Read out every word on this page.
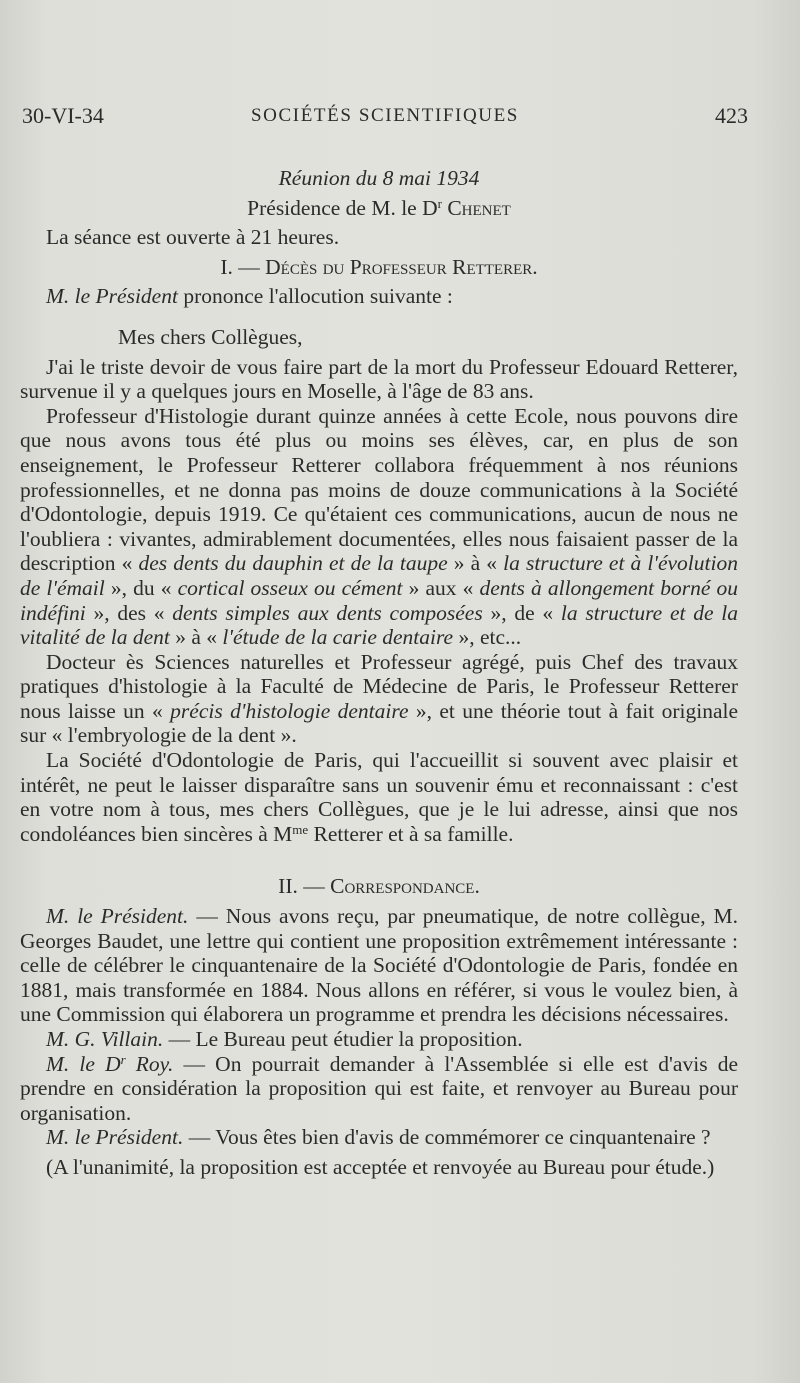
30-VI-34	SOCIÉTÉS SCIENTIFIQUES	423

Réunion du 8 mai 1934

Présidence de M. le $D^r$ Chenet

La séance est ouverte à 21 heures.

I. — Décès du Professeur Retterer.

M. le Président prononce l'allocution suivante :

Mes chers Collègues,

J'ai le triste devoir de vous faire part de la mort du Professeur Edouard Retterer, survenue il y a quelques jours en Moselle, à l'âge de 83 ans.

Professeur d'Histologie durant quinze années à cette Ecole, nous pouvons dire que nous avons tous été plus ou moins ses élèves, car, en plus de son enseignement, le Professeur Retterer collabora fréquemment à nos réunions professionnelles, et ne donna pas moins de douze communications à la Société d'Odontologie, depuis 1919. Ce qu'étaient ces communications, aucun de nous ne l'oubliera : vivantes, admirablement documentées, elles nous faisaient passer de la description « des dents du dauphin et de la taupe » à « la structure et à l'évolution de l'émail », du « cortical osseux ou cément » aux « dents à allongement borné ou indéfini », des « dents simples aux dents composées », de « la structure et de la vitalité de la dent » à « l'étude de la carie dentaire », etc...

Docteur ès Sciences naturelles et Professeur agrégé, puis Chef des travaux pratiques d'histologie à la Faculté de Médecine de Paris, le Professeur Retterer nous laisse un « précis d'histologie dentaire », et une théorie tout à fait originale sur « l'embryologie de la dent ».

La Société d'Odontologie de Paris, qui l'accueillit si souvent avec plaisir et intérêt, ne peut le laisser disparaître sans un souvenir ému et reconnaissant : c'est en votre nom à tous, mes chers Collègues, que je le lui adresse, ainsi que nos condoléances bien sincères à $M^{me}$ Retterer et à sa famille.

II. — Correspondance.

M. le Président. — Nous avons reçu, par pneumatique, de notre collègue, M. Georges Baudet, une lettre qui contient une proposition extrêmement intéressante : celle de célébrer le cinquantenaire de la Société d'Odontologie de Paris, fondée en 1881, mais transformée en 1884. Nous allons en référer, si vous le voulez bien, à une Commission qui élaborera un programme et prendra les décisions nécessaires.

M. G. Villain. — Le Bureau peut étudier la proposition.

M. le $D^r$ Roy. — On pourrait demander à l'Assemblée si elle est d'avis de prendre en considération la proposition qui est faite, et renvoyer au Bureau pour organisation.

M. le Président. — Vous êtes bien d'avis de commémorer ce cinquantenaire ?

(A l'unanimité, la proposition est acceptée et renvoyée au Bureau pour étude.)
